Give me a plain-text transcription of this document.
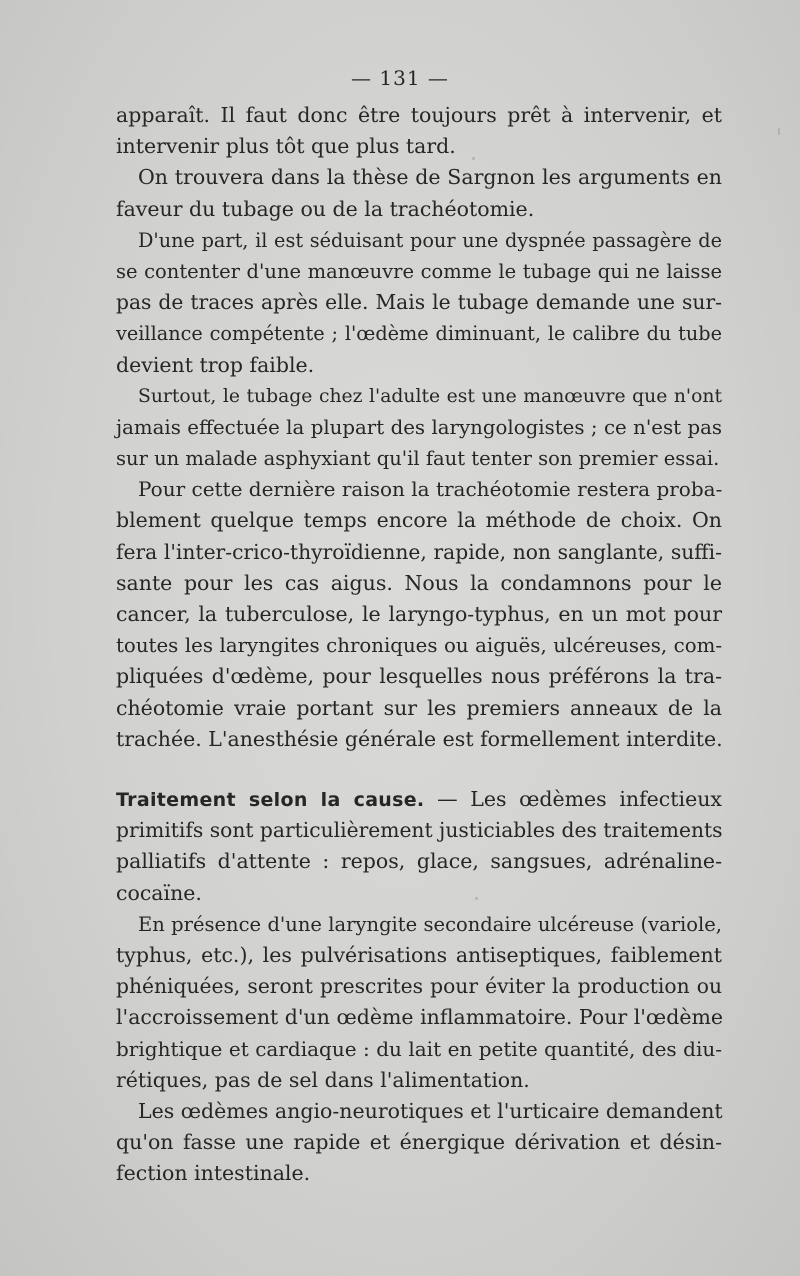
— 131 —
apparaît. Il faut donc être toujours prêt à intervenir, et
intervenir plus tôt que plus tard.
On trouvera dans la thèse de Sargnon les arguments en
faveur du tubage ou de la trachéotomie.
D'une part, il est séduisant pour une dyspnée passagère de
se contenter d'une manœuvre comme le tubage qui ne laisse
pas de traces après elle. Mais le tubage demande une sur-
veillance compétente ; l'œdème diminuant, le calibre du tube
devient trop faible.
Surtout, le tubage chez l'adulte est une manœuvre que n'ont
jamais effectuée la plupart des laryngologistes ; ce n'est pas
sur un malade asphyxiant qu'il faut tenter son premier essai.
Pour cette dernière raison la trachéotomie restera proba-
blement quelque temps encore la méthode de choix. On
fera l'inter-crico-thyroïdienne, rapide, non sanglante, suffi-
sante pour les cas aigus. Nous la condamnons pour le
cancer, la tuberculose, le laryngo-typhus, en un mot pour
toutes les laryngites chroniques ou aiguës, ulcéreuses, com-
pliquées d'œdème, pour lesquelles nous préférons la tra-
chéotomie vraie portant sur les premiers anneaux de la
trachée. L'anesthésie générale est formellement interdite.
Traitement selon la cause. — Les œdèmes infectieux
primitifs sont particulièrement justiciables des traitements
palliatifs d'attente : repos, glace, sangsues, adrénaline-
cocaïne.
En présence d'une laryngite secondaire ulcéreuse (variole,
typhus, etc.), les pulvérisations antiseptiques, faiblement
phéniquées, seront prescrites pour éviter la production ou
l'accroissement d'un œdème inflammatoire. Pour l'œdème
brightique et cardiaque : du lait en petite quantité, des diu-
rétiques, pas de sel dans l'alimentation.
Les œdèmes angio-neurotiques et l'urticaire demandent
qu'on fasse une rapide et énergique dérivation et désin-
fection intestinale.
